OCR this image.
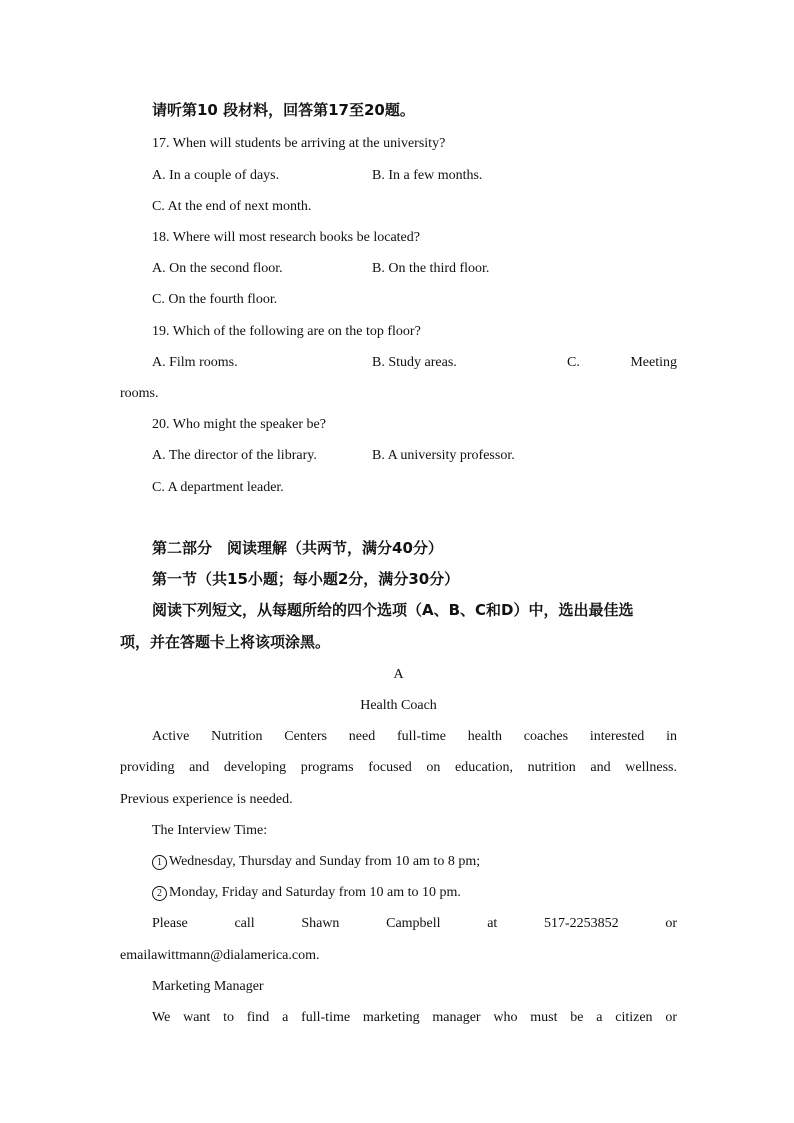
请听第10 段材料，回答第17至20题。
17. When will students be arriving at the university?
A. In a couple of days.	B. In a few months.
C. At the end of next month.
18. Where will most research books be located?
A. On the second floor.	B. On the third floor.
C. On the fourth floor.
19. Which of the following are on the top floor?
A. Film rooms.	B. Study areas.	C.	Meeting
rooms.
20. Who might the speaker be?
A. The director of the library.	B. A university professor.
C. A department leader.
第二部分　阅读理解（共两节，满分40分）
第一节（共15小题；每小题2分，满分30分）
阅读下列短文，从每题所给的四个选项（A、B、C和D）中，选出最佳选
项，并在答题卡上将该项涂黑。
A
Health Coach
Active Nutrition Centers need full-time health coaches interested in
providing and developing programs focused on education, nutrition and wellness.
Previous experience is needed.
The Interview Time:
1 Wednesday, Thursday and Sunday from 10 am to 8 pm;
2 Monday, Friday and Saturday from 10 am to 10 pm.
Please call Shawn Campbell at 517-2253852 or
emailawittmann@dialamerica.com.
Marketing Manager
We want to find a full-time marketing manager who must be a citizen or
